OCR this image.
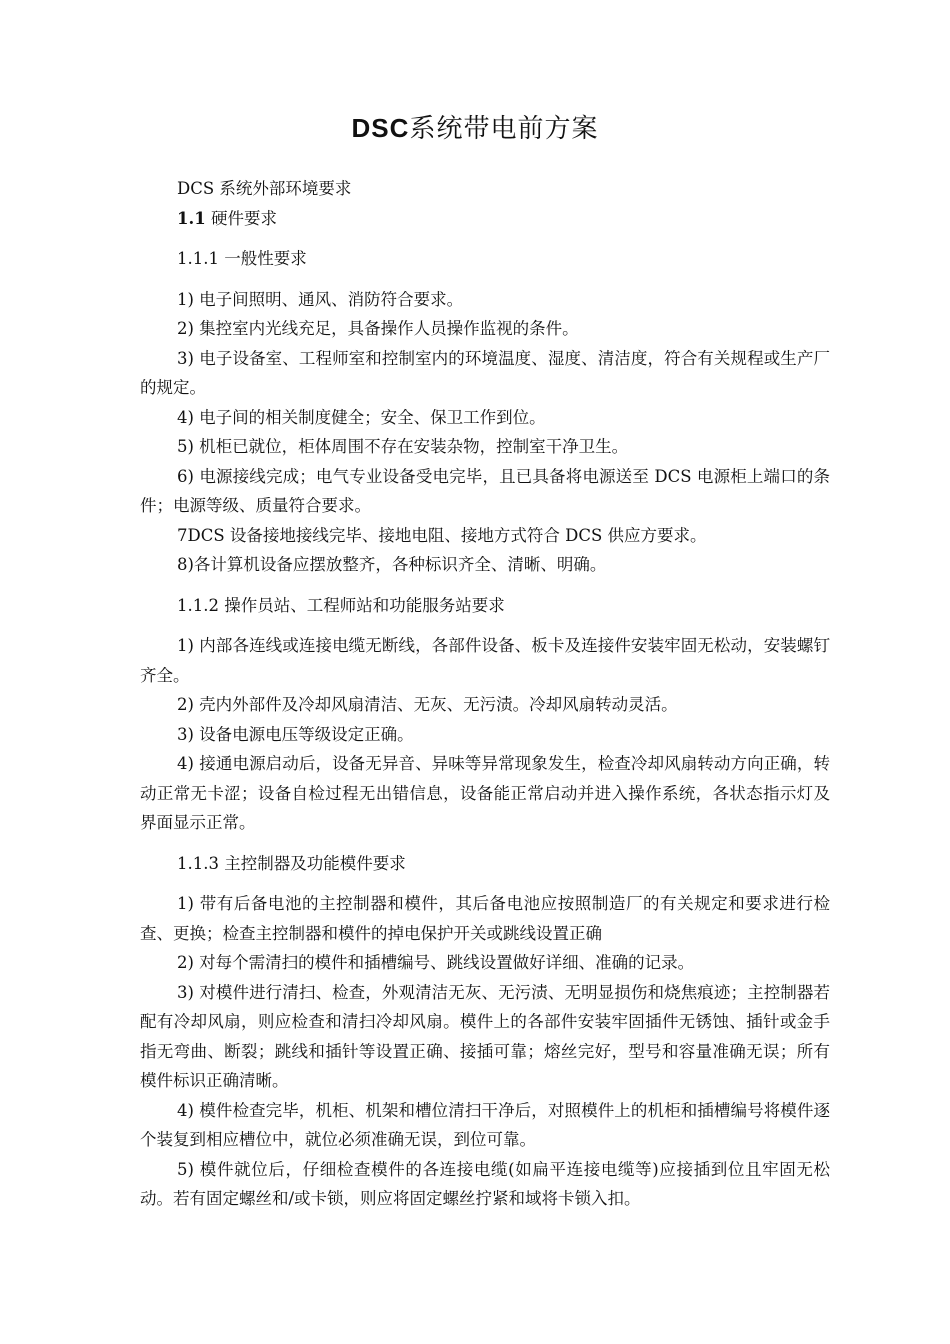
DSC系统带电前方案

DCS 系统外部环境要求

1.1 硬件要求

1.1.1 一般性要求

1) 电子间照明、通风、消防符合要求。

2) 集控室内光线充足，具备操作人员操作监视的条件。

3) 电子设备室、工程师室和控制室内的环境温度、湿度、清洁度，符合有关规程或生产厂的规定。

4) 电子间的相关制度健全；安全、保卫工作到位。

5) 机柜已就位，柜体周围不存在安装杂物，控制室干净卫生。

6) 电源接线完成；电气专业设备受电完毕，且已具备将电源送至 DCS 电源柜上端口的条件；电源等级、质量符合要求。

7DCS 设备接地接线完毕、接地电阻、接地方式符合 DCS 供应方要求。

8)各计算机设备应摆放整齐，各种标识齐全、清晰、明确。

1.1.2 操作员站、工程师站和功能服务站要求

1) 内部各连线或连接电缆无断线，各部件设备、板卡及连接件安装牢固无松动，安装螺钉齐全。

2) 壳内外部件及冷却风扇清洁、无灰、无污渍。冷却风扇转动灵活。

3) 设备电源电压等级设定正确。

4) 接通电源启动后，设备无异音、异味等异常现象发生，检查冷却风扇转动方向正确，转动正常无卡涩；设备自检过程无出错信息，设备能正常启动并进入操作系统，各状态指示灯及界面显示正常。

1.1.3 主控制器及功能模件要求

1) 带有后备电池的主控制器和模件，其后备电池应按照制造厂的有关规定和要求进行检查、更换；检查主控制器和模件的掉电保护开关或跳线设置正确

2) 对每个需清扫的模件和插槽编号、跳线设置做好详细、准确的记录。

3) 对模件进行清扫、检查，外观清洁无灰、无污渍、无明显损伤和烧焦痕迹；主控制器若配有冷却风扇，则应检查和清扫冷却风扇。模件上的各部件安装牢固插件无锈蚀、插针或金手指无弯曲、断裂；跳线和插针等设置正确、接插可靠；熔丝完好，型号和容量准确无误；所有模件标识正确清晰。

4) 模件检查完毕，机柜、机架和槽位清扫干净后，对照模件上的机柜和插槽编号将模件逐个装复到相应槽位中，就位必须准确无误，到位可靠。

5) 模件就位后，仔细检查模件的各连接电缆(如扁平连接电缆等)应接插到位且牢固无松动。若有固定螺丝和/或卡锁，则应将固定螺丝拧紧和域将卡锁入扣。
